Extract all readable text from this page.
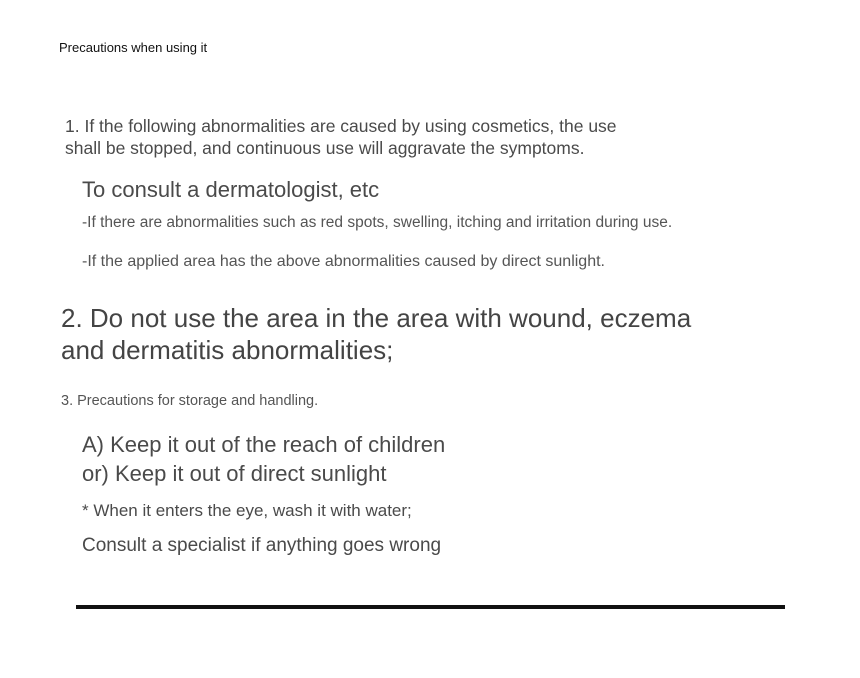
Precautions when using it
1. If the following abnormalities are caused by using cosmetics, the use
shall be stopped, and continuous use will aggravate the symptoms.
To consult a dermatologist, etc
-If there are abnormalities such as red spots, swelling, itching and irritation during use.
-If the applied area has the above abnormalities caused by direct sunlight.
2. Do not use the area in the area with wound, eczema
and dermatitis abnormalities;
3. Precautions for storage and handling.
A) Keep it out of the reach of children
or) Keep it out of direct sunlight
* When it enters the eye, wash it with water;
Consult a specialist if anything goes wrong
